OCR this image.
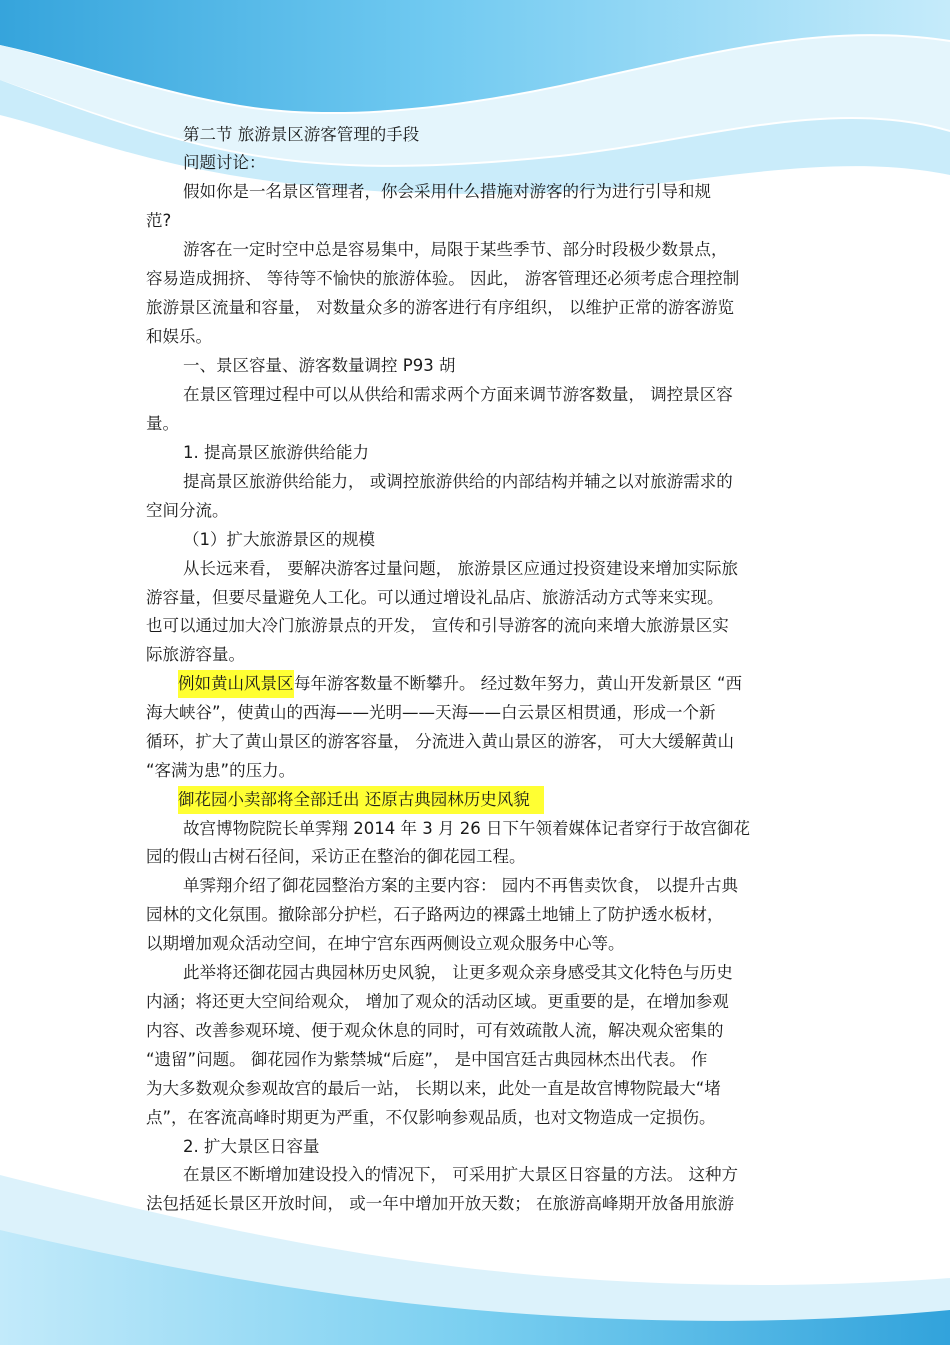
第二节 旅游景区游客管理的手段
问题讨论：
假如你是一名景区管理者，你会采用什么措施对游客的行为进行引导和规
范?
游客在一定时空中总是容易集中，局限于某些季节、部分时段极少数景点，
容易造成拥挤、 等待等不愉快的旅游体验。 因此， 游客管理还必须考虑合理控制
旅游景区流量和容量， 对数量众多的游客进行有序组织， 以维护正常的游客游览
和娱乐。
一、景区容量、游客数量调控 P93 胡
在景区管理过程中可以从供给和需求两个方面来调节游客数量， 调控景区容
量。
1. 提高景区旅游供给能力
提高景区旅游供给能力， 或调控旅游供给的内部结构并辅之以对旅游需求的
空间分流。
（1）扩大旅游景区的规模
从长远来看， 要解决游客过量问题， 旅游景区应通过投资建设来增加实际旅
游容量，但要尽量避免人工化。可以通过增设礼品店、旅游活动方式等来实现。
也可以通过加大冷门旅游景点的开发， 宣传和引导游客的流向来增大旅游景区实
际旅游容量。
例如黄山风景区 每年游客数量不断攀升。 经过数年努力，黄山开发新景区 “西
海大峡谷”，使黄山的西海——光明——天海——白云景区相贯通，形成一个新
循环，扩大了黄山景区的游客容量， 分流进入黄山景区的游客， 可大大缓解黄山
“客满为患”的压力。
御花园小卖部将全部迁出 还原古典园林历史风貌
故宫博物院院长单霁翔 2014 年 3 月 26 日下午领着媒体记者穿行于故宫御花
园的假山古树石径间，采访正在整治的御花园工程。
单霁翔介绍了御花园整治方案的主要内容： 园内不再售卖饮食， 以提升古典
园林的文化氛围。撤除部分护栏，石子路两边的裸露土地铺上了防护透水板材，
以期增加观众活动空间，在坤宁宫东西两侧设立观众服务中心等。
此举将还御花园古典园林历史风貌， 让更多观众亲身感受其文化特色与历史
内涵；将还更大空间给观众， 增加了观众的活动区域。更重要的是，在增加参观
内容、改善参观环境、便于观众休息的同时，可有效疏散人流，解决观众密集的
“遗留”问题。 御花园作为紫禁城“后庭”， 是中国宫廷古典园林杰出代表。 作
为大多数观众参观故宫的最后一站， 长期以来，此处一直是故宫博物院最大“堵
点”，在客流高峰时期更为严重，不仅影响参观品质，也对文物造成一定损伤。
2. 扩大景区日容量
在景区不断增加建设投入的情况下， 可采用扩大景区日容量的方法。 这种方
法包括延长景区开放时间， 或一年中增加开放天数； 在旅游高峰期开放备用旅游
